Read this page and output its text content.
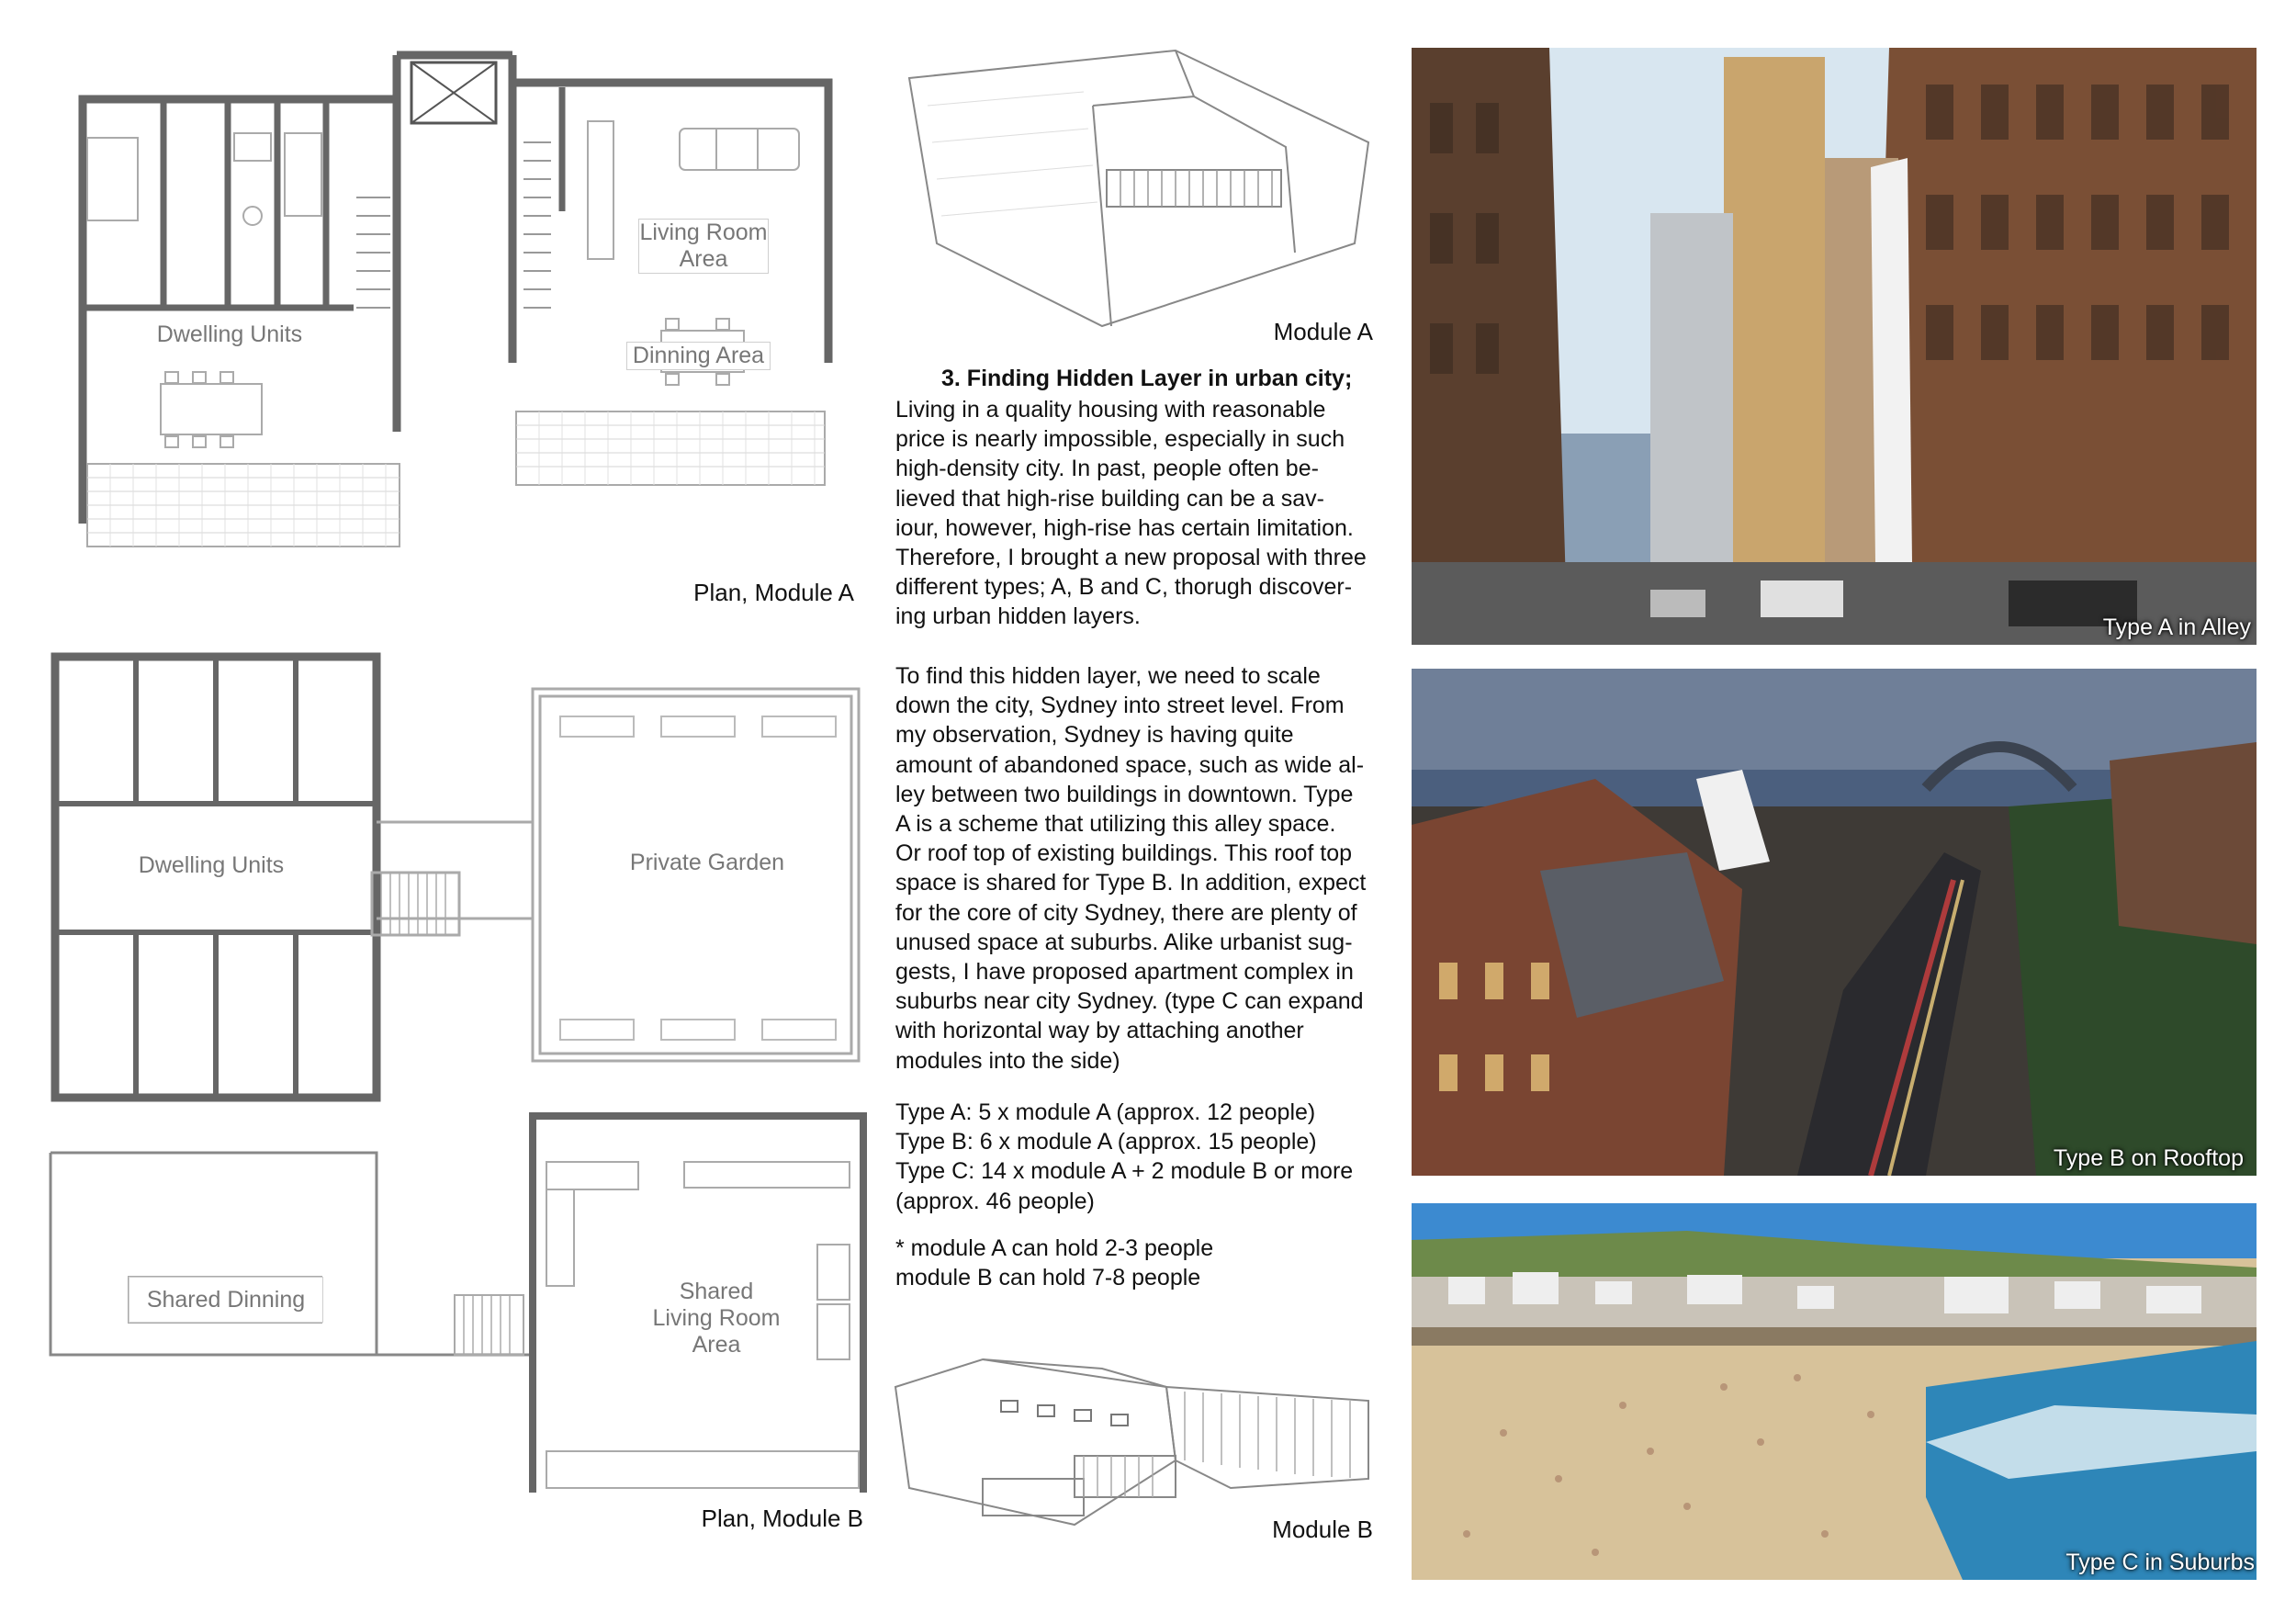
Dwelling Units
Living Room
Area
Dinning Area
Plan, Module A
Dwelling Units	Private Garden
Shared Dinning	Shared
Living Room
Area
Plan, Module B
Module A
3. Finding Hidden Layer in urban city;
Living in a quality housing with reasonable
price is nearly impossible, especially in such
high-density city. In past, people often be-
lieved that high-rise building can be a sav-
iour, however, high-rise has certain limitation.
Therefore, I brought a new proposal with three
different types; A, B and C, thorugh discover-
ing urban hidden layers.
To find this hidden layer, we need to scale
down the city, Sydney into street level. From
my observation, Sydney is having quite
amount of abandoned space, such as wide al-
ley between two buildings in downtown. Type
A is a scheme that utilizing this alley space.
Or roof top of existing buildings. This roof top
space is shared for Type B. In addition, expect
for the core of city Sydney, there are plenty of
unused space at suburbs. Alike urbanist sug-
gests, I have proposed apartment complex in
suburbs near city Sydney. (type C can expand
with horizontal way by attaching another
modules into the side)
Type A: 5 x module A (approx. 12 people)
Type B: 6 x module A (approx. 15 people)
Type C: 14 x module A + 2 module B or more
(approx. 46 people)
* module A can hold 2-3 people
module B can hold 7-8 people
Module B
Type A in Alley
Type B on Rooftop
Type C in Suburbs
